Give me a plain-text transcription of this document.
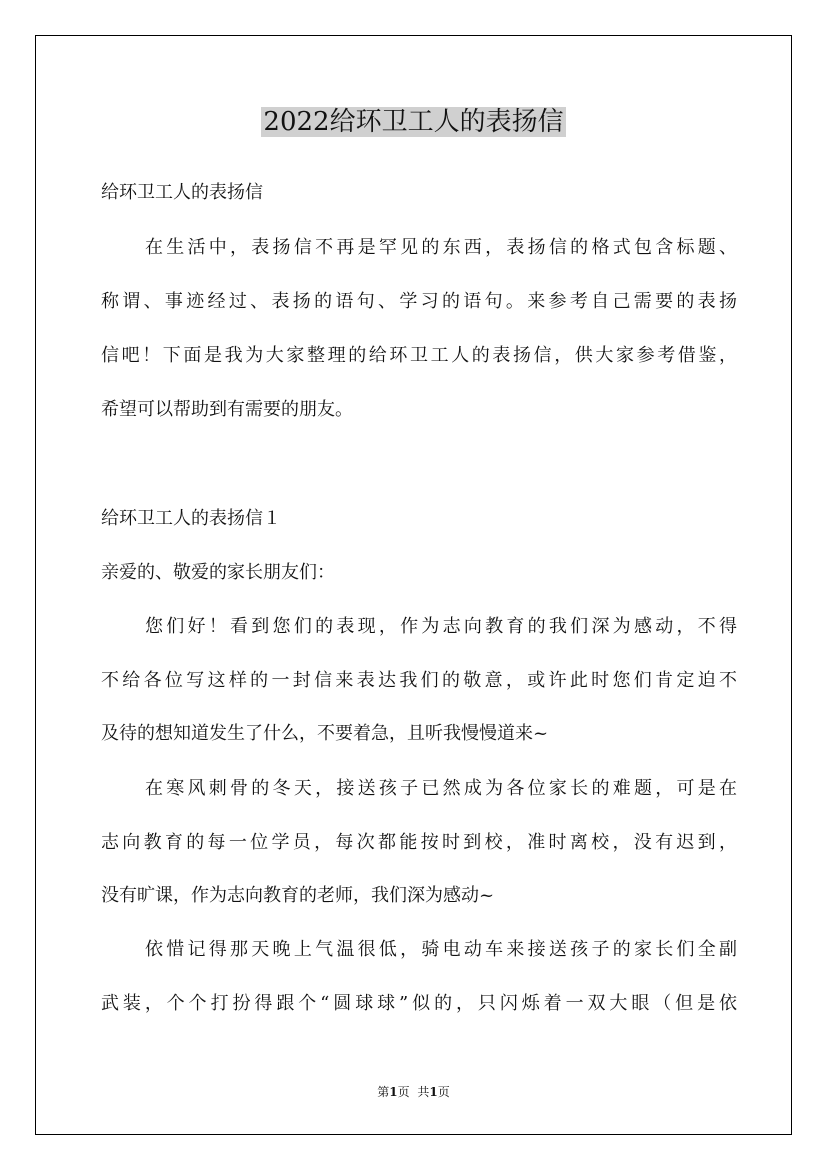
2022给环卫工人的表扬信

给环卫工人的表扬信

在生活中，表扬信不再是罕见的东西，表扬信的格式包含标题、

称谓、事迹经过、表扬的语句、学习的语句。来参考自己需要的表扬

信吧！下面是我为大家整理的给环卫工人的表扬信，供大家参考借鉴，

希望可以帮助到有需要的朋友。

给环卫工人的表扬信１

亲爱的、敬爱的家长朋友们：

您们好！看到您们的表现，作为志向教育的我们深为感动，不得

不给各位写这样的一封信来表达我们的敬意，或许此时您们肯定迫不

及待的想知道发生了什么，不要着急，且听我慢慢道来~

在寒风刺骨的冬天，接送孩子已然成为各位家长的难题，可是在

志向教育的每一位学员，每次都能按时到校，准时离校，没有迟到，

没有旷课，作为志向教育的老师，我们深为感动~

依惜记得那天晚上气温很低，骑电动车来接送孩子的家长们全副

武装，个个打扮得跟个“圆球球”似的，只闪烁着一双大眼（但是依

第1页 共1页
